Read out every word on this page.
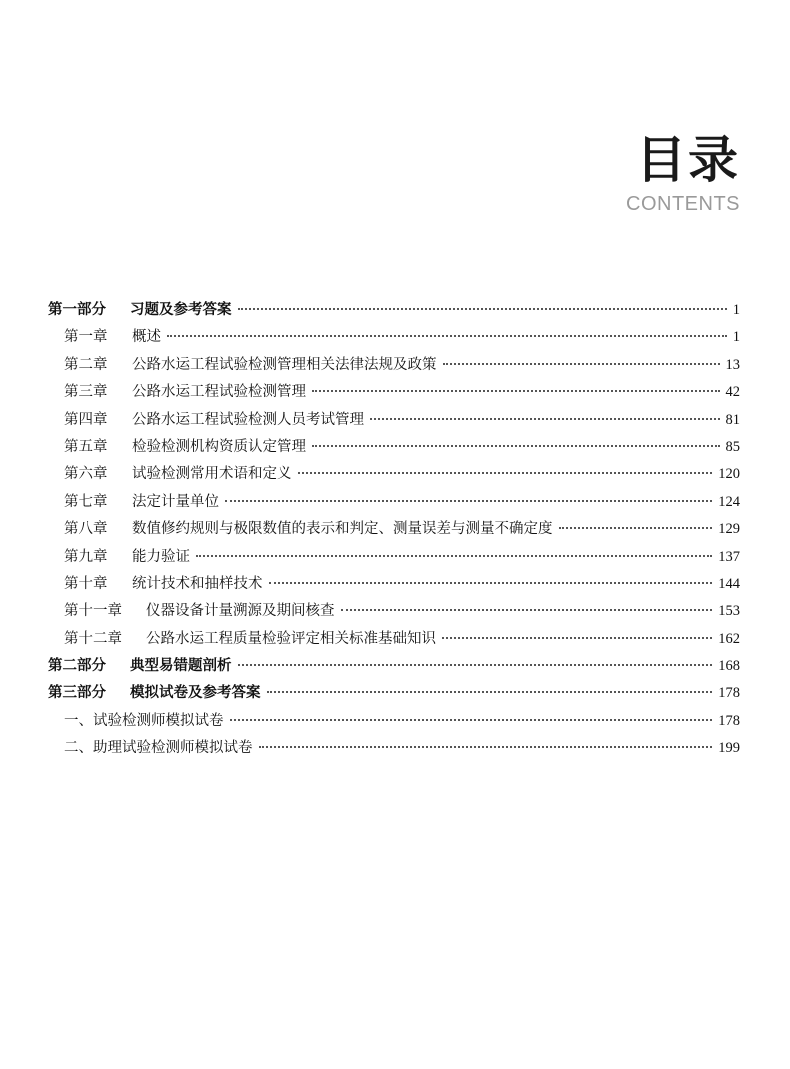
目录
CONTENTS
第一部分	习题及参考答案	1
第一章	概述	1
第二章	公路水运工程试验检测管理相关法律法规及政策	13
第三章	公路水运工程试验检测管理	42
第四章	公路水运工程试验检测人员考试管理	81
第五章	检验检测机构资质认定管理	85
第六章	试验检测常用术语和定义	120
第七章	法定计量单位	124
第八章	数值修约规则与极限数值的表示和判定、测量误差与测量不确定度	129
第九章	能力验证	137
第十章	统计技术和抽样技术	144
第十一章	仪器设备计量溯源及期间核查	153
第十二章	公路水运工程质量检验评定相关标准基础知识	162
第二部分	典型易错题剖析	168
第三部分	模拟试卷及参考答案	178
一、试验检测师模拟试卷	178
二、助理试验检测师模拟试卷	199
